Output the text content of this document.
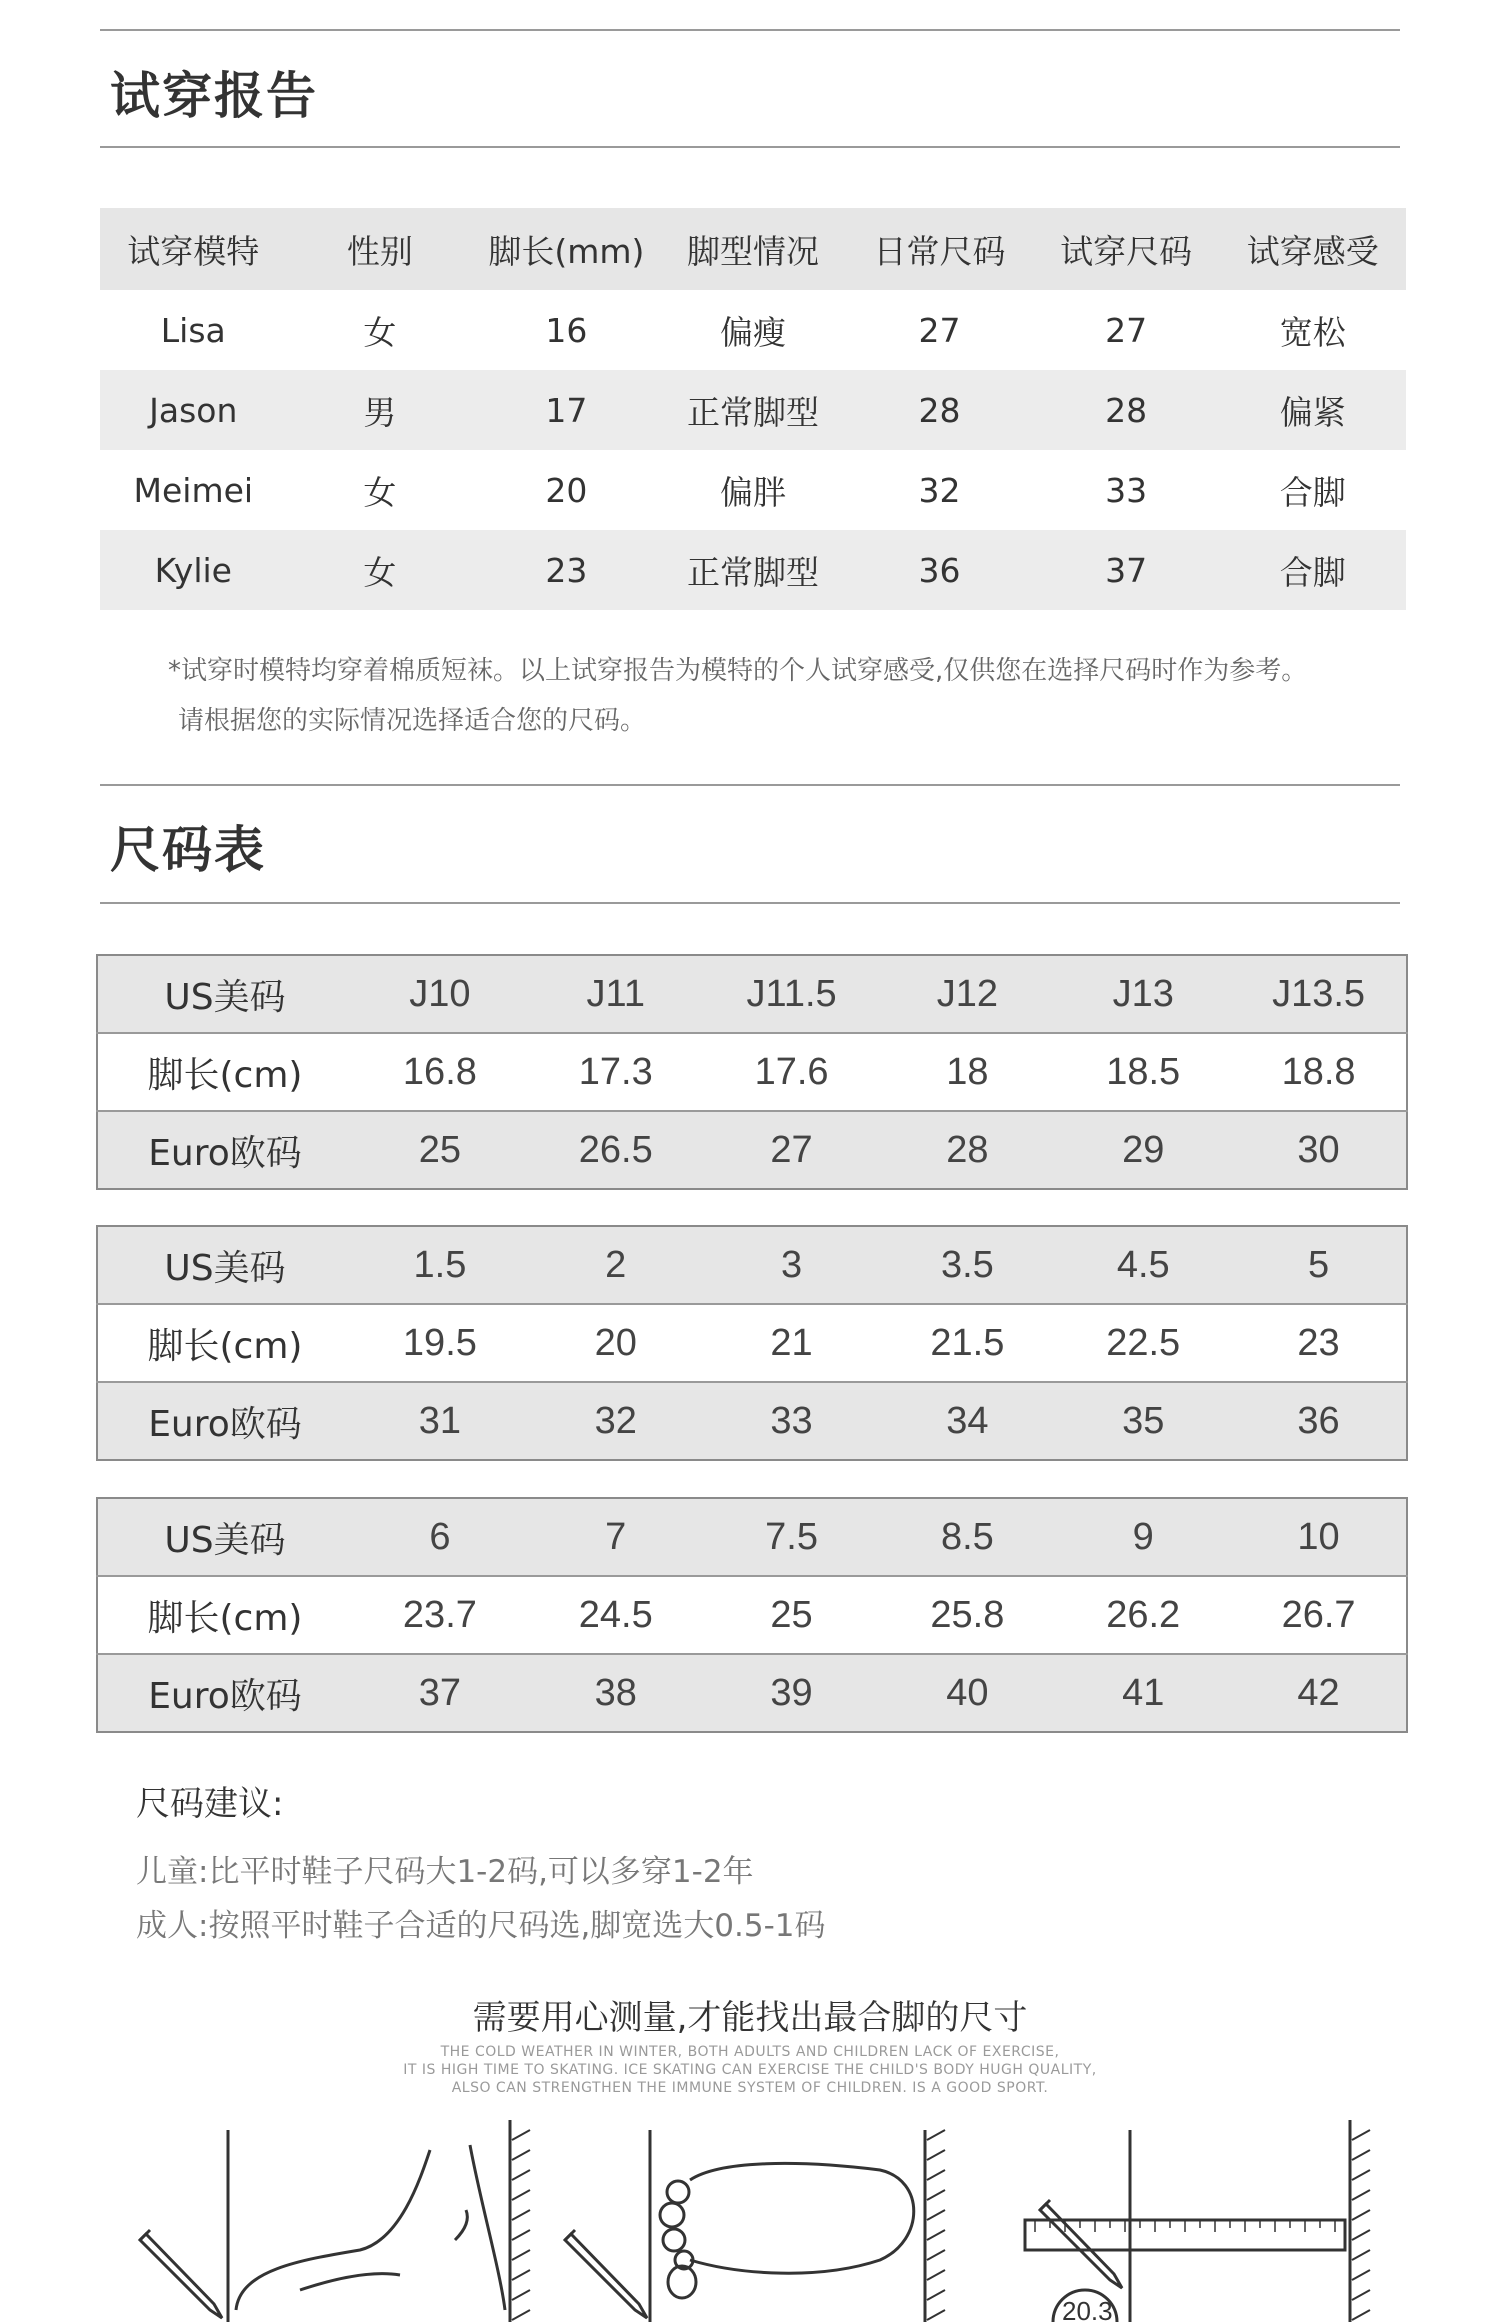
试穿报告
试穿模特	性别	脚长(mm)	脚型情况	日常尺码	试穿尺码	试穿感受
Lisa	女	16	偏瘦	27	27	宽松
Jason	男	17	正常脚型	28	28	偏紧
Meimei	女	20	偏胖	32	33	合脚
Kylie	女	23	正常脚型	36	37	合脚
*试穿时模特均穿着棉质短袜。以上试穿报告为模特的个人试穿感受,仅供您在选择尺码时作为参考。
请根据您的实际情况选择适合您的尺码。
尺码表
US美码	J10	J11	J11.5	J12	J13	J13.5
脚长(cm)	16.8	17.3	17.6	18	18.5	18.8
Euro欧码	25	26.5	27	28	29	30
US美码	1.5	2	3	3.5	4.5	5
脚长(cm)	19.5	20	21	21.5	22.5	23
Euro欧码	31	32	33	34	35	36
US美码	6	7	7.5	8.5	9	10
脚长(cm)	23.7	24.5	25	25.8	26.2	26.7
Euro欧码	37	38	39	40	41	42
尺码建议:
儿童:比平时鞋子尺码大1-2码,可以多穿1-2年
成人:按照平时鞋子合适的尺码选,脚宽选大0.5-1码
需要用心测量,才能找出最合脚的尺寸
THE COLD WEATHER IN WINTER, BOTH ADULTS AND CHILDREN LACK OF EXERCISE,
IT IS HIGH TIME TO SKATING. ICE SKATING CAN EXERCISE THE CHILD'S BODY HUGH QUALITY,
ALSO CAN STRENGTHEN THE IMMUNE SYSTEM OF CHILDREN. IS A GOOD SPORT.
20.3
